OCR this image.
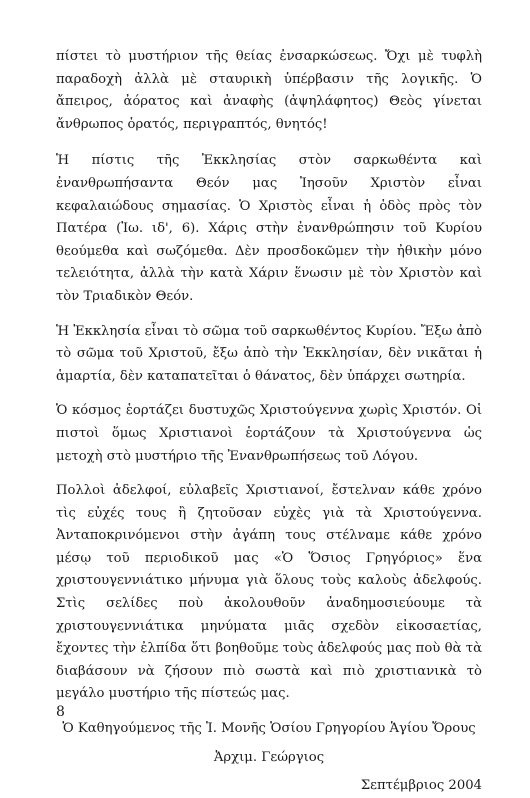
πίστει τὸ μυστήριον τῆς θείας ἐνσαρκώσεως. Ὄχι μὲ τυφλὴ παραδοχὴ ἀλλὰ μὲ σταυρικὴ ὑπέρβασιν τῆς λογικῆς. Ὁ ἄπειρος, ἀόρατος καὶ ἀναφὴς (ἀψηλάφητος) Θεὸς γίνεται ἄνθρωπος ὁρατός, περιγραπτός, θνητός!

Ἡ πίστις τῆς Ἐκκλησίας στὸν σαρκωθέντα καὶ ἐνανθρωπήσαντα Θεόν μας Ἰησοῦν Χριστὸν εἶναι κεφαλαιώδους σημασίας. Ὁ Χριστὸς εἶναι ἡ ὁδὸς πρὸς τὸν Πατέρα (Ἰω. ιδ', 6). Χάρις στὴν ἐνανθρώπησιν τοῦ Κυρίου θεούμεθα καὶ σωζόμεθα. Δὲν προσδοκῶμεν τὴν ἠθικὴν μόνο τελειότητα, ἀλλὰ τὴν κατὰ Χάριν ἕνωσιν μὲ τὸν Χριστὸν καὶ τὸν Τριαδικὸν Θεόν.

Ἡ Ἐκκλησία εἶναι τὸ σῶμα τοῦ σαρκωθέντος Κυρίου. Ἔξω ἀπὸ τὸ σῶμα τοῦ Χριστοῦ, ἔξω ἀπὸ τὴν Ἐκκλησίαν, δὲν νικᾶται ἡ ἁμαρτία, δὲν καταπατεῖται ὁ θάνατος, δὲν ὑπάρχει σωτηρία.

Ὁ κόσμος ἑορτάζει δυστυχῶς Χριστούγεννα χωρὶς Χριστόν. Οἱ πιστοὶ ὅμως Χριστιανοὶ ἑορτάζουν τὰ Χριστούγεννα ὡς μετοχὴ στὸ μυστήριο τῆς Ἐνανθρωπήσεως τοῦ Λόγου.

Πολλοὶ ἀδελφοί, εὐλαβεῖς Χριστιανοί, ἔστελναν κάθε χρόνο τὶς εὐχές τους ἢ ζητοῦσαν εὐχὲς γιὰ τὰ Χριστούγεννα. Ἀνταποκρινόμενοι στὴν ἀγάπη τους στέλναμε κάθε χρόνο μέσῳ τοῦ περιοδικοῦ μας «Ὁ Ὅσιος Γρηγόριος» ἕνα χριστουγεννιάτικο μήνυμα γιὰ ὅλους τοὺς καλοὺς ἀδελφούς. Στὶς σελίδες ποὺ ἀκολουθοῦν ἀναδημοσιεύουμε τὰ χριστουγεννιάτικα μηνύματα μιᾶς σχεδὸν εἰκοσαετίας, ἔχοντες τὴν ἐλπίδα ὅτι βοηθοῦμε τοὺς ἀδελφούς μας ποὺ θὰ τὰ διαβάσουν νὰ ζήσουν πιὸ σωστὰ καὶ πιὸ χριστιανικὰ τὸ μεγάλο μυστήριο τῆς πίστεώς μας.

Ὁ Καθηγούμενος τῆς Ἱ. Μονῆς Ὁσίου Γρηγορίου Ἁγίου Ὄρους

Ἀρχιμ. Γεώργιος

Σεπτέμβριος 2004

8
